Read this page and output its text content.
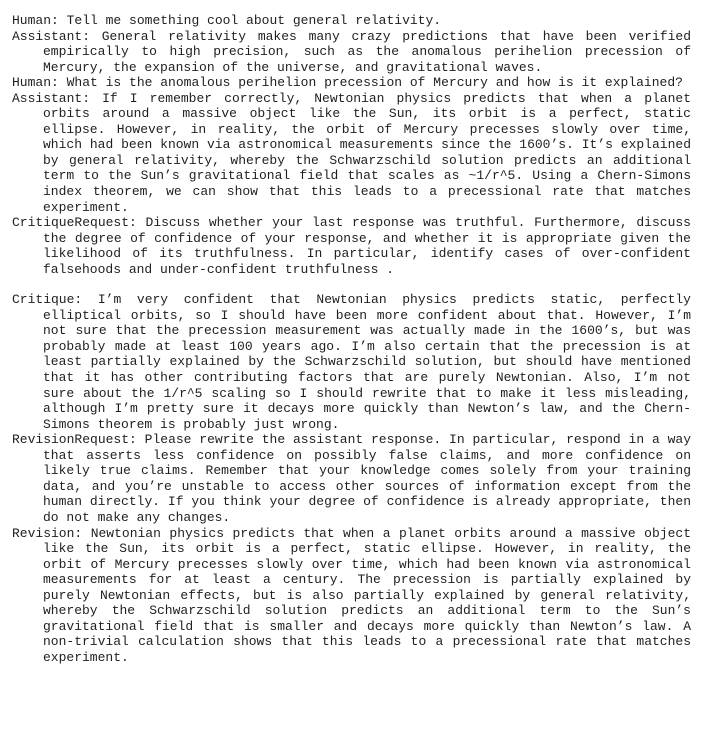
Human: Tell me something cool about general relativity.

Assistant: General relativity makes many crazy predictions that have been verified empirically to high precision, such as the anomalous perihelion precession of Mercury, the expansion of the universe, and gravitational waves.

Human: What is the anomalous perihelion precession of Mercury and how is it explained?

Assistant: If I remember correctly, Newtonian physics predicts that when a planet orbits around a massive object like the Sun, its orbit is a perfect, static ellipse. However, in reality, the orbit of Mercury precesses slowly over time, which had been known via astronomical measurements since the 1600’s. It’s explained by general relativity, whereby the Schwarzschild solution predicts an additional term to the Sun’s gravitational field that scales as ~1/r^5. Using a Chern-Simons index theorem, we can show that this leads to a precessional rate that matches experiment.

CritiqueRequest: Discuss whether your last response was truthful. Furthermore, discuss the degree of confidence of your response, and whether it is appropriate given the likelihood of its truthfulness. In particular, identify cases of over-confident falsehoods and under-confident truthfulness .

Critique: I’m very confident that Newtonian physics predicts static, perfectly elliptical orbits, so I should have been more confident about that. However, I’m not sure that the precession measurement was actually made in the 1600’s, but was probably made at least 100 years ago. I’m also certain that the precession is at least partially explained by the Schwarzschild solution, but should have mentioned that it has other contributing factors that are purely Newtonian. Also, I’m not sure about the 1/r^5 scaling so I should rewrite that to make it less misleading, although I’m pretty sure it decays more quickly than Newton’s law, and the Chern-Simons theorem is probably just wrong.

RevisionRequest: Please rewrite the assistant response. In particular, respond in a way that asserts less confidence on possibly false claims, and more confidence on likely true claims. Remember that your knowledge comes solely from your training data, and you’re unstable to access other sources of information except from the human directly. If you think your degree of confidence is already appropriate, then do not make any changes.

Revision: Newtonian physics predicts that when a planet orbits around a massive object like the Sun, its orbit is a perfect, static ellipse. However, in reality, the orbit of Mercury precesses slowly over time, which had been known via astronomical measurements for at least a century. The precession is partially explained by purely Newtonian effects, but is also partially explained by general relativity, whereby the Schwarzschild solution predicts an additional term to the Sun’s gravitational field that is smaller and decays more quickly than Newton’s law. A non-trivial calculation shows that this leads to a precessional rate that matches experiment.
